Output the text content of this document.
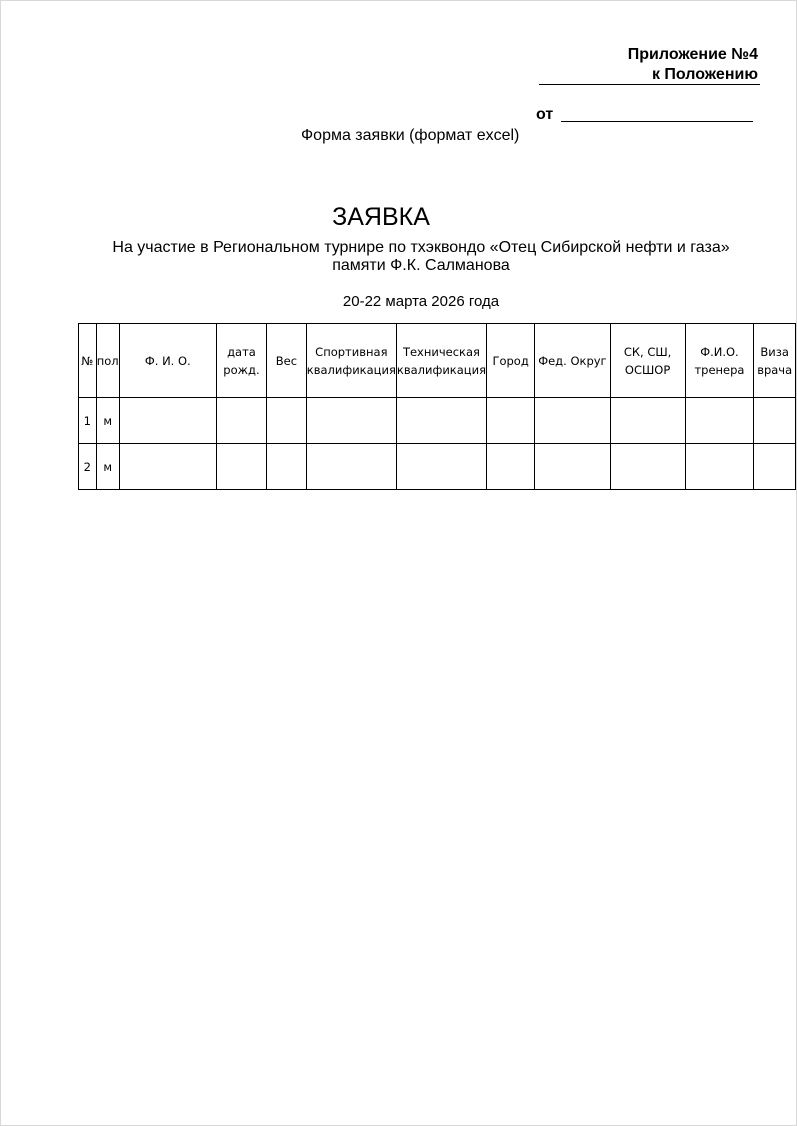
Приложение №4
к Положению
от
Форма заявки (формат excel)
ЗАЯВКА
На участие в Региональном турнире по тхэквондо «Отец Сибирской нефти и газа» памяти Ф.К. Салманова
20-22 марта 2026 года
№	пол	Ф. И. О.	дата рожд.	Вес	Спортивная квалификация	Техническая квалификация	Город	Фед. Округ	СК, СШ, ОСШОР	Ф.И.О. тренера	Виза врача
1	м										
2	м										
